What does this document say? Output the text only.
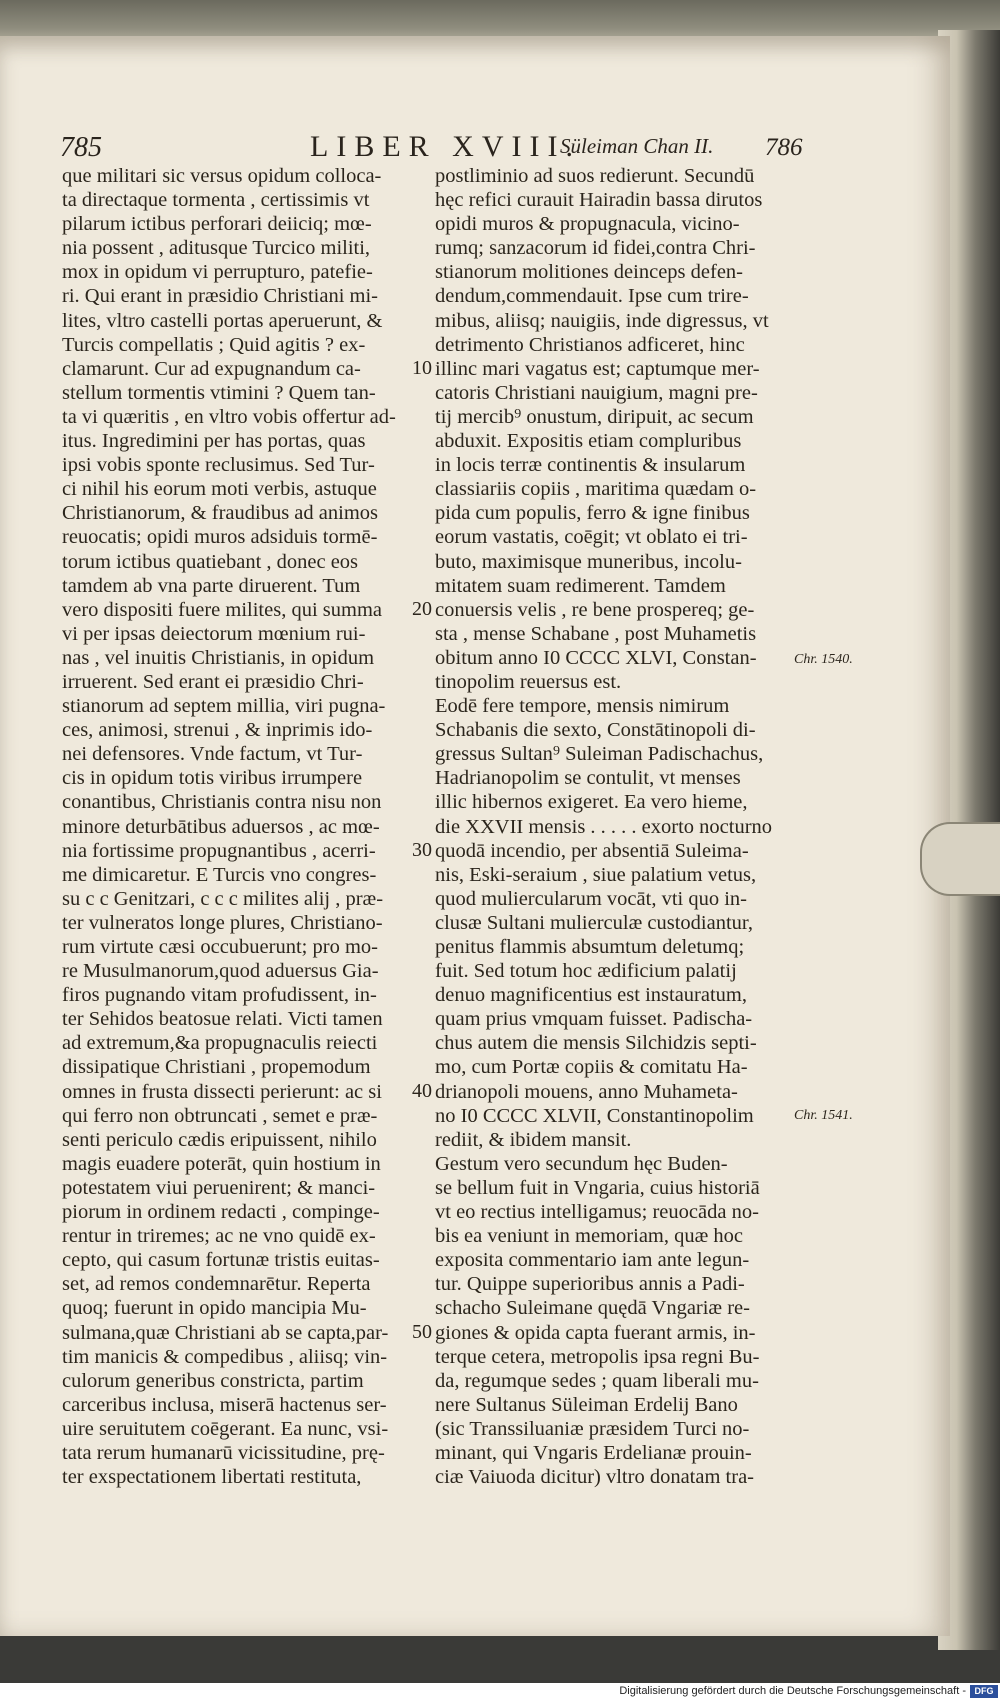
785	LIBER XVIII.
Süleiman Chan II. 786
que militari sic versus opidum colloca-
ta directaque tormenta , certissimis vt
pilarum ictibus perforari deiiciq; mœ-
nia possent , aditusque Turcico militi,
mox in opidum vi perrupturo, patefie-
ri. Qui erant in præsidio Christiani mi-
lites, vltro castelli portas aperuerunt, &
Turcis compellatis ; Quid agitis ? ex-
clamarunt. Cur ad expugnandum ca-
stellum tormentis vtimini ? Quem tan-
ta vi quæritis , en vltro vobis offertur ad-
itus. Ingredimini per has portas, quas
ipsi vobis sponte reclusimus. Sed Tur-
ci nihil his eorum moti verbis, astuque
Christianorum, & fraudibus ad animos
reuocatis; opidi muros adsiduis tormē-
torum ictibus quatiebant , donec eos
tamdem ab vna parte diruerent. Tum
vero dispositi fuere milites, qui summa
vi per ipsas deiectorum mœnium rui-
nas , vel inuitis Christianis, in opidum
irruerent. Sed erant ei præsidio Chri-
stianorum ad septem millia, viri pugna-
ces, animosi, strenui , & inprimis ido-
nei defensores. Vnde factum, vt Tur-
cis in opidum totis viribus irrumpere
conantibus, Christianis contra nisu non
minore deturbātibus aduersos , ac mœ-
nia fortissime propugnantibus , acerri-
me dimicaretur. E Turcis vno congres-
su c c Genitzari, c c c milites alij , præ-
ter vulneratos longe plures, Christiano-
rum virtute cæsi occubuerunt; pro mo-
re Musulmanorum,quod aduersus Gia-
firos pugnando vitam profudissent, in-
ter Sehidos beatosue relati. Victi tamen
ad extremum,&a propugnaculis reiecti
dissipatique Christiani , propemodum
omnes in frusta dissecti perierunt: ac si
qui ferro non obtruncati , semet e præ-
senti periculo cædis eripuissent, nihilo
magis euadere poterāt, quin hostium in
potestatem viui peruenirent; & manci-
piorum in ordinem redacti , compinge-
rentur in triremes; ac ne vno quidē ex-
cepto, qui casum fortunæ tristis euitas-
set, ad remos condemnarētur. Reperta
quoq; fuerunt in opido mancipia Mu-
sulmana,quæ Christiani ab se capta,par-
tim manicis & compedibus , aliisq; vin-
culorum generibus constricta, partim
carceribus inclusa, miserā hactenus ser-
uire seruitutem coēgerant. Ea nunc, vsi-
tata rerum humanarū vicissitudine, prę-
ter exspectationem libertati restituta,
postliminio ad suos redierunt. Secundū
hęc refici curauit Hairadin bassa dirutos
opidi muros & propugnacula, vicino-
rumq; sanzacorum id fidei,contra Chri-
stianorum molitiones deinceps defen-
dendum,commendauit. Ipse cum trire-
mibus, aliisq; nauigiis, inde digressus, vt
detrimento Christianos adficeret, hinc
illinc mari vagatus est; captumque mer-
catoris Christiani nauigium, magni pre-
tij mercib⁹ onustum, diripuit, ac secum
abduxit. Expositis etiam compluribus
in locis terræ continentis & insularum
classiariis copiis , maritima quædam o-
pida cum populis, ferro & igne finibus
eorum vastatis, coēgit; vt oblato ei tri-
buto, maximisque muneribus, incolu-
mitatem suam redimerent. Tamdem
conuersis velis , re bene prospereq; ge-
sta , mense Schabane , post Muhametis
obitum anno I0 CCCC XLVI, Constan-
tinopolim reuersus est.
Eodē fere tempore, mensis nimirum
Schabanis die sexto, Constātinopoli di-
gressus Sultan⁹ Suleiman Padischachus,
Hadrianopolim se contulit, vt menses
illic hibernos exigeret. Ea vero hieme,
die XXVII mensis . . . . . exorto nocturno
quodā incendio, per absentiā Suleima-
nis, Eski-seraium , siue palatium vetus,
quod muliercularum vocāt, vti quo in-
clusæ Sultani mulierculæ custodiantur,
penitus flammis absumtum deletumq;
fuit. Sed totum hoc ædificium palatij
denuo magnificentius est instauratum,
quam prius vmquam fuisset. Padischa-
chus autem die mensis Silchidzis septi-
mo, cum Portæ copiis & comitatu Ha-
drianopoli mouens, anno Muhameta-
no I0 CCCC XLVII, Constantinopolim
rediit, & ibidem mansit.
Gestum vero secundum hęc Buden-
se bellum fuit in Vngaria, cuius historiā
vt eo rectius intelligamus; reuocāda no-
bis ea veniunt in memoriam, quæ hoc
exposita commentario iam ante legun-
tur. Quippe superioribus annis a Padi-
schacho Suleimane quędā Vngariæ re-
giones & opida capta fuerant armis, in-
terque cetera, metropolis ipsa regni Bu-
da, regumque sedes ; quam liberali mu-
nere Sultanus Süleiman Erdelij Bano
(sic Transsiluaniæ præsidem Turci no-
minant, qui Vngaris Erdelianæ prouin-
ciæ Vaiuoda dicitur) vltro donatam tra-
10
20
30
40
50
Chr. 1540.
Chr. 1541.
Digitalisierung gefördert durch die Deutsche Forschungsgemeinschaft - DFG
